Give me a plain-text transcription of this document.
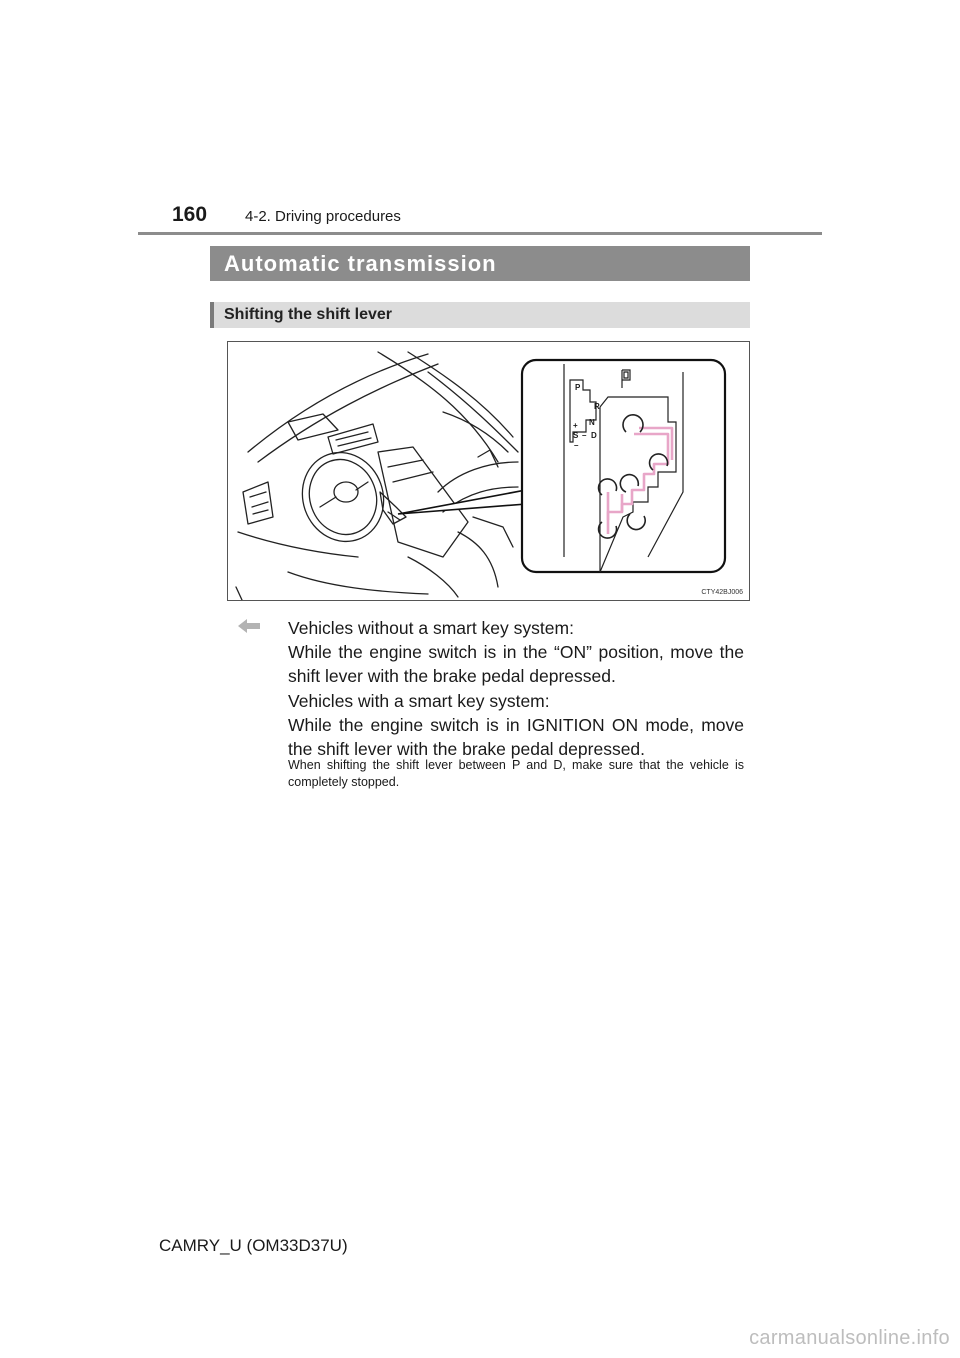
160	4-2. Driving procedures
Automatic transmission
Shifting the shift lever
P
R
N
+
S – D
–
CTY42BJ006
Vehicles without a smart key system:
While the engine switch is in the “ON” position, move the shift lever with the brake pedal depressed.
Vehicles with a smart key system:
While the engine switch is in IGNITION ON mode, move the shift lever with the brake pedal depressed.
When shifting the shift lever between P and D, make sure that the vehicle is completely stopped.
CAMRY_U (OM33D37U)
carmanualsonline.info
